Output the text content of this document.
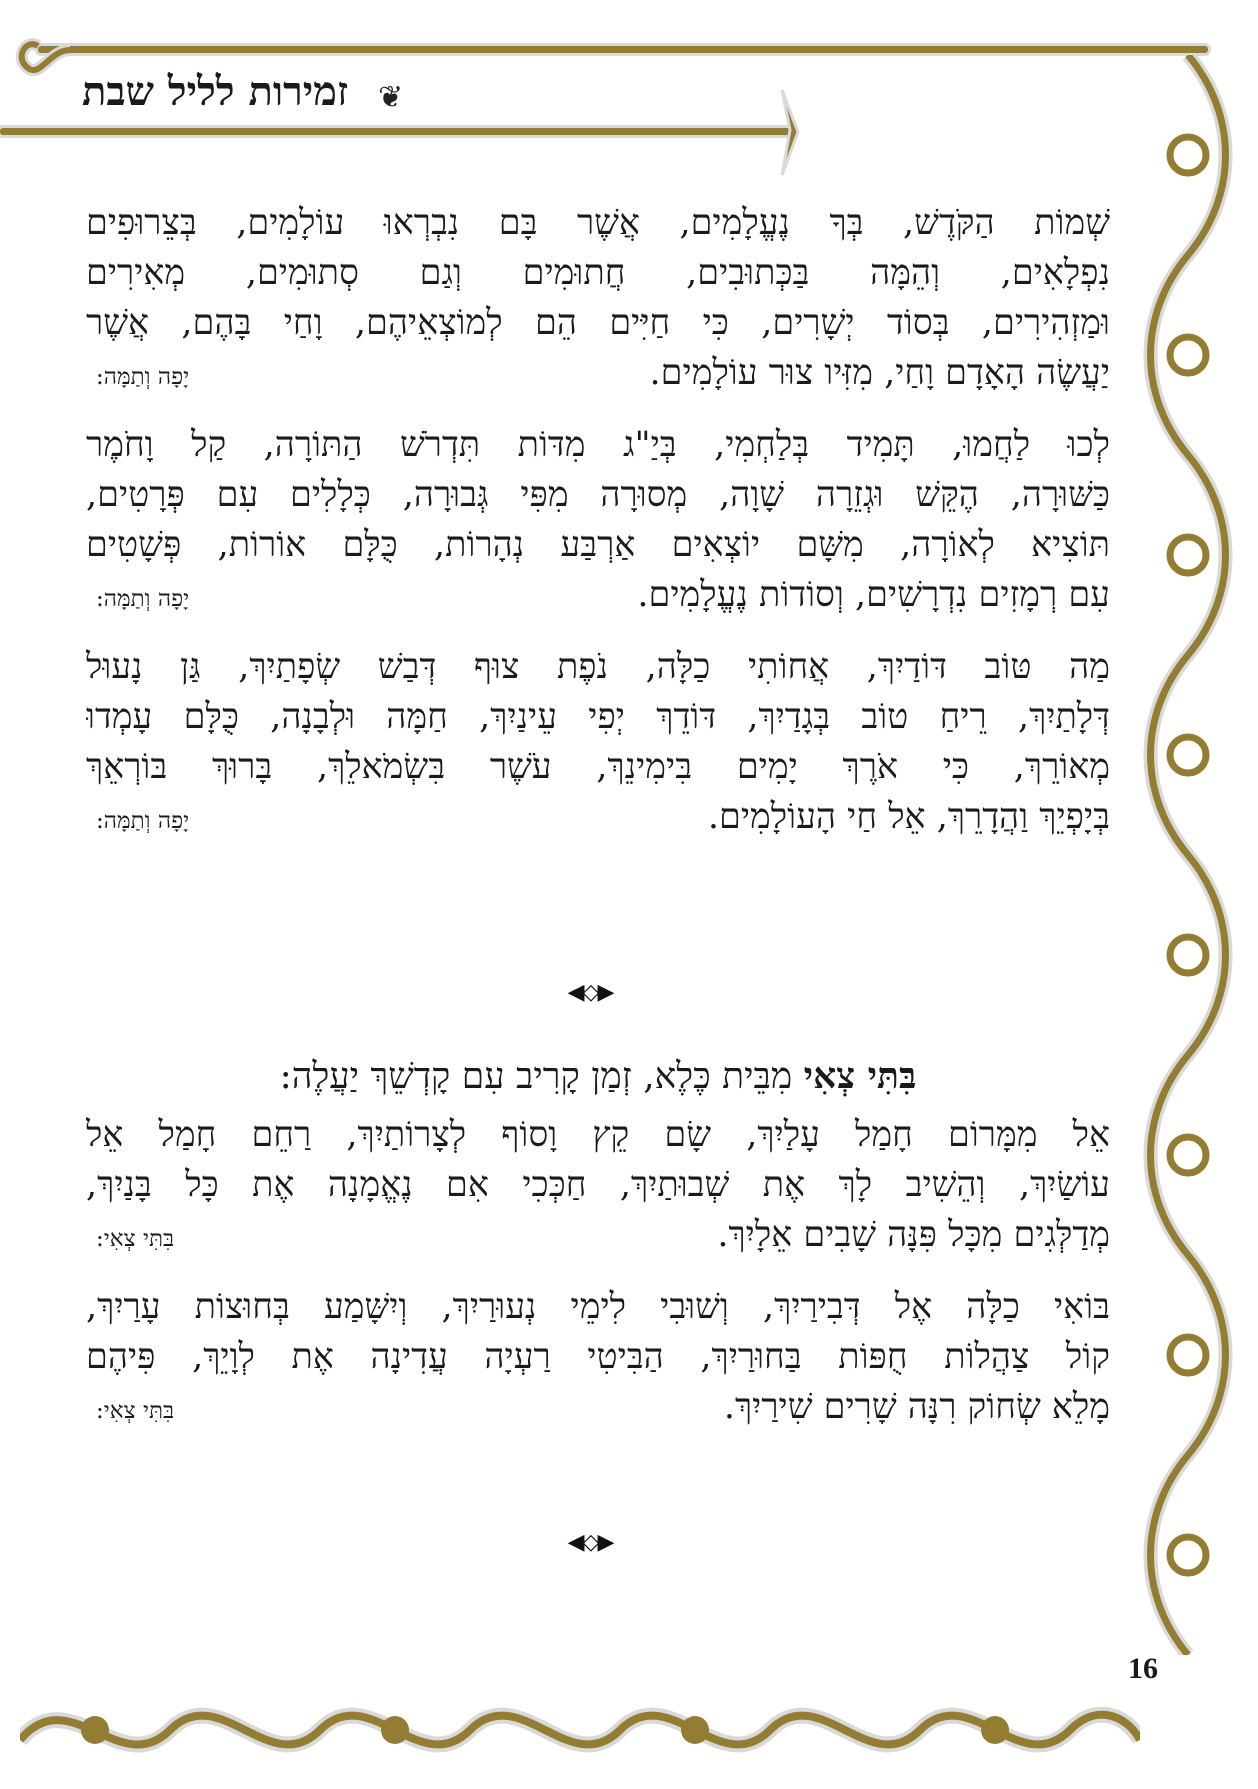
❦
זמירות לליל שבת
שְׁמוֹת הַקֹּדֶשׁ, בְּךָ נֶעֱלָמִים, אֲשֶׁר בָּם נִבְרְאוּ עוֹלָמִים, בְּצֵרוּפִים
נִפְלָאִים, וְהֵמָּה בַּכְּתוּבִים, חֲתוּמִים וְגַם סְתוּמִים, מְאִירִים
וּמַזְהִירִים, בְּסוֹד יְשָׁרִים, כִּי חַיִּים הֵם לְמוֹצְאֵיהֶם, וָחַי בָּהֶם, אֲשֶׁר
יַעֲשֶׂה הָאָדָם וָחַי, מִזִּיו צוּר עוֹלָמִים.
יָפָה וְתַמָּה:
לְכוּ לַחֲמוּ, תָּמִיד בְּלַחְמִי, בְּיַ"ג מִדּוֹת תִּדְרֹשׁ הַתּוֹרָה, קַל וָחֹמֶר
כַּשּׁוּרָה, הֶקֵּשׁ וּגְזֵרָה שָׁוָה, מְסוּרָה מִפִּי גְּבוּרָה, כְּלָלִים עִם פְּרָטִים,
תּוֹצִיא לְאוֹרָה, מִשָּׁם יוֹצְאִים אַרְבַּע נְהָרוֹת, כֻּלָּם אוֹרוֹת, פְּשָׁטִים
עִם רְמָזִים נִדְרָשִׁים, וְסוֹדוֹת נֶעֱלָמִים.
יָפָה וְתַמָּה:
מַה טּוֹב דּוֹדַיִךְ, אֲחוֹתִי כַלָּה, נֹפֶת צוּף דְּבַשׁ שְׂפָתַיִךְ, גַּן נָעוּל
דְּלָתַיִךְ, רֵיחַ טוֹב בְּגָדַיִךְ, דּוֹדֵךְ יְפִי עֵינַיִךְ, חַמָּה וּלְבָנָה, כֻּלָּם עָמְדוּ
מְאוֹרֵךְ, כִּי אֹרֶךְ יָמִים בִּימִינֵךְ, עֹשֶׁר בִּשְׂמֹאלֵךְ, בָּרוּךְ בּוֹרְאֵךְ
בְּיָפְיֵךְ וַהֲדָרֵךְ, אֵל חַי הָעוֹלָמִים.
יָפָה וְתַמָּה:
◀◇▶
בִּתִּי צְאִי מִבֵּית כֶּלֶא, זְמַן קָרִיב עִם קָדְשֵׁךְ יַעֲלֶה:
אֵל מִמָּרוֹם חָמַל עָלַיִךְ, שָׂם קֵץ וָסוֹף לְצָרוֹתַיִךְ, רַחֵם חָמַל אֵל
עוֹשַׂיִךְ, וְהֵשִׁיב לָךְ אֶת שְׁבוּתַיִךְ, חַכְּכִי אִם נֶאֱמָנָה אֶת כָּל בָּנַיִךְ,
מְדַלְּגִים מִכָּל פִּנָּה שָׁבִים אֵלָיִךְ.
בִּתִּי צְאִי:
בּוֹאִי כַלָּה אֶל דְּבִירַיִךְ, וְשׁוּבִי לִימֵי נְעוּרַיִךְ, וְיִשָּׁמַע בְּחוּצוֹת עָרַיִךְ,
קוֹל צַהֲלוֹת חֻפּוֹת בַּחוּרַיִךְ, הַבִּיטִי רַעְיָה עֲדִינָה אֶת לְוָיֵךְ, פִּיהֶם
מָלֵא שְׂחוֹק רִנָּה שָׁרִים שִׁירַיִךְ.
בִּתִּי צְאִי:
◀◇▶
16
